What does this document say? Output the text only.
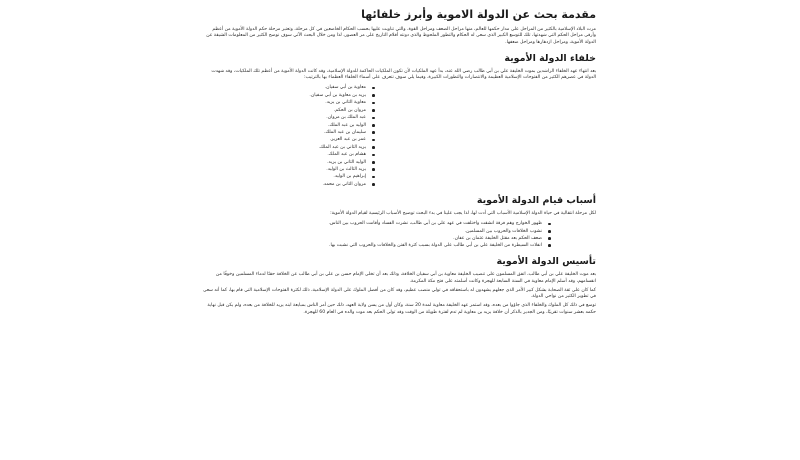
مقدمة بحث عن الدولة الاموية وأبرز خلفائها

مرت البلاد الإسلامية بالكثير من المراحل على مدار حكمها للعالم، منها مراحل الضعف ومراحل القوة، والتي تناوبت عليها بحسب الحكام الخاضعين في كل مرحلة، وتعتبر مرحلة حكم الدولة الأموية من أعظم وأرقى مراحل الحكم التي شهدتها، تلك للتوسع الكبير الذي سعى له الحكام والتطور الملحوظ والذي دونته أقلام التاريخ على مر العصور، لذا ومن خلال البحث الآتي سوف نوضح الكثير من المعلومات الشيقة عن الدولة الأموية، ومراحل ازدهارها ومراحل ضعفها.

خلفاء الدولة الأموية

بعد انتهاء عهد الخلفاء الراشدين بموت الخليفة علي بن أبي طالب رضي الله عنه، بدأ عهد الملكيات لأن تكون الملكيات الحاكمة للدولة الإسلامية، وقد كانت الدولة الأموية من أعظم تلك الملكيات، وقد شهدت الدولة في عصرهم الكثير من الفتوحات الإسلامية العظيمة والانتصارات والتطورات الكبيرة، وفيما يلي سوف نتعرف على أسماء الخلفاء العظماء بها بالترتيب:

معاوية بن أبي سفيان.
يزيد بن معاوية بن أبي سفيان.
معاوية الثاني بن يزيد.
مروان بن الحكم.
عبد الملك بن مروان.
الوليد بن عبد الملك.
سليمان بن عبد الملك.
عمر بن عبد العزيز.
يزيد الثاني بن عبد الملك.
هشام بن عبد الملك.
الوليد الثاني بن يزيد.
يزيد الثالث بن الوليد.
إبراهيم بن الوليد.
مروان الثاني بن محمد.
أسباب قيام الدولة الأموية

لكل مرحلة انتقالية في حياة الدولة الإسلامية الأسباب التي أدت لها، لذا يجب علينا في بدء البحث توضيح الأسباب الرئيسية لقيام الدولة الأموية:

ظهور الخوارج وهم فرقة انشقت واختلفت في عهد علي بن أبي طالب، نشرت الفساد وأقامت الحروب بين الناس.
نشوب الخلافات والحروب بين المسلمين.
ضعف الحكم بعد مقتل الخليفة عثمان بن عفان.
انفلات السيطرة من الخليفة علي بن أبي طالب على الدولة بسبب كثرة الفتن والخلافات والحروب التي نشبت بها.
تأسيس الدولة الأموية

بعد موت الخليفة علي بن أبي طالب، اتفق المسلمون على تنصيب الخليفة معاوية بن أبي سفيان الخلافة، وذلك بعد أن تخلى الإمام حسن بن علي بن أبي طالب عن الخلافة حقنًا لدماء المسلمين وخوفًا من انقسامهم، وقد أسلم الإمام معاوية في السنة السابعة للهجرة وكانت أسلمته على فتح مكة المكرمة.

كما كان على ثقة الصحابة بشكل كبير الأمر الذي جعلهم يشهدون له باستحقاقه في تولي منصب عظيم، وقد كان من أفضل الملوك على الدولة الإسلامية، ذلك لكثرة الفتوحات الإسلامية التي قام بها، كما أنه سعى في تطوير الكثير من نواحي الدولة.

توسع في ذلك كل الملوك والخلفاء الذي جاؤوا من بعده، وقد استمر عهد الخليفة معاوية لمدة 20 سنة، وكان أول من يسن ولاية العهد، ذلك حين أمر الناس بمبايعة ابنه يزيد للخلافة من بعده، ولم يكن قبل نهاية حكمه بعشر سنوات تقريبًا، ومن الجدير بالذكر أن خلافة يزيد بن معاوية لم تدم لفترة طويلة من الوقت وقد تولى الحكم بعد موت والده في العام 60 للهجرة.
